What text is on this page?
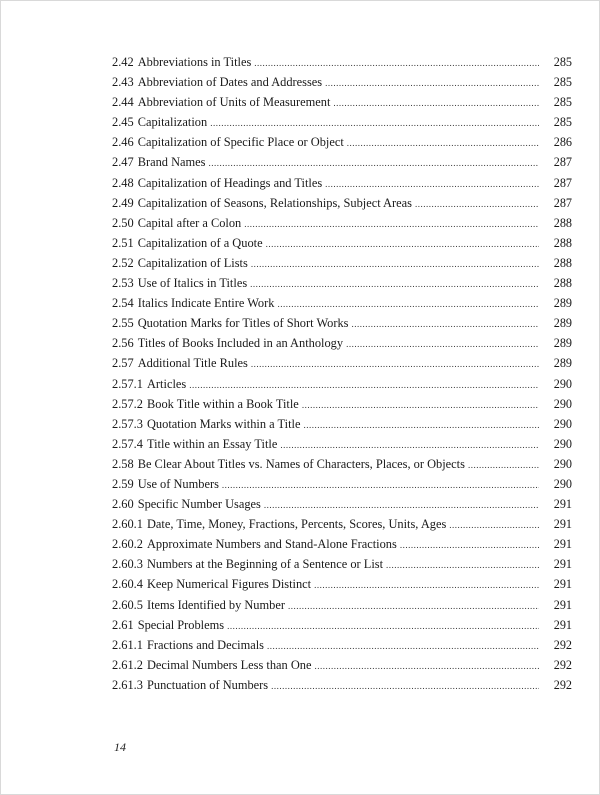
2.42 Abbreviations in Titles .....	285
2.43 Abbreviation of Dates and Addresses .....	285
2.44 Abbreviation of Units of Measurement .....	285
2.45 Capitalization .....	285
2.46 Capitalization of Specific Place or Object .....	286
2.47 Brand Names .....	287
2.48 Capitalization of Headings and Titles .....	287
2.49 Capitalization of Seasons, Relationships, Subject Areas .....	287
2.50 Capital after a Colon .....	288
2.51 Capitalization of a Quote .....	288
2.52 Capitalization of Lists .....	288
2.53 Use of Italics in Titles .....	288
2.54 Italics Indicate Entire Work .....	289
2.55 Quotation Marks for Titles of Short Works .....	289
2.56 Titles of Books Included in an Anthology .....	289
2.57 Additional Title Rules .....	289
2.57.1 Articles .....	290
2.57.2 Book Title within a Book Title .....	290
2.57.3 Quotation Marks within a Title .....	290
2.57.4 Title within an Essay Title .....	290
2.58 Be Clear About Titles vs. Names of Characters, Places, or Objects .....	290
2.59 Use of Numbers .....	290
2.60 Specific Number Usages .....	291
2.60.1 Date, Time, Money, Fractions, Percents, Scores, Units, Ages .....	291
2.60.2 Approximate Numbers and Stand-Alone Fractions .....	291
2.60.3 Numbers at the Beginning of a Sentence or List .....	291
2.60.4 Keep Numerical Figures Distinct .....	291
2.60.5 Items Identified by Number .....	291
2.61 Special Problems .....	291
2.61.1 Fractions and Decimals .....	292
2.61.2 Decimal Numbers Less than One .....	292
2.61.3 Punctuation of Numbers .....	292
14
